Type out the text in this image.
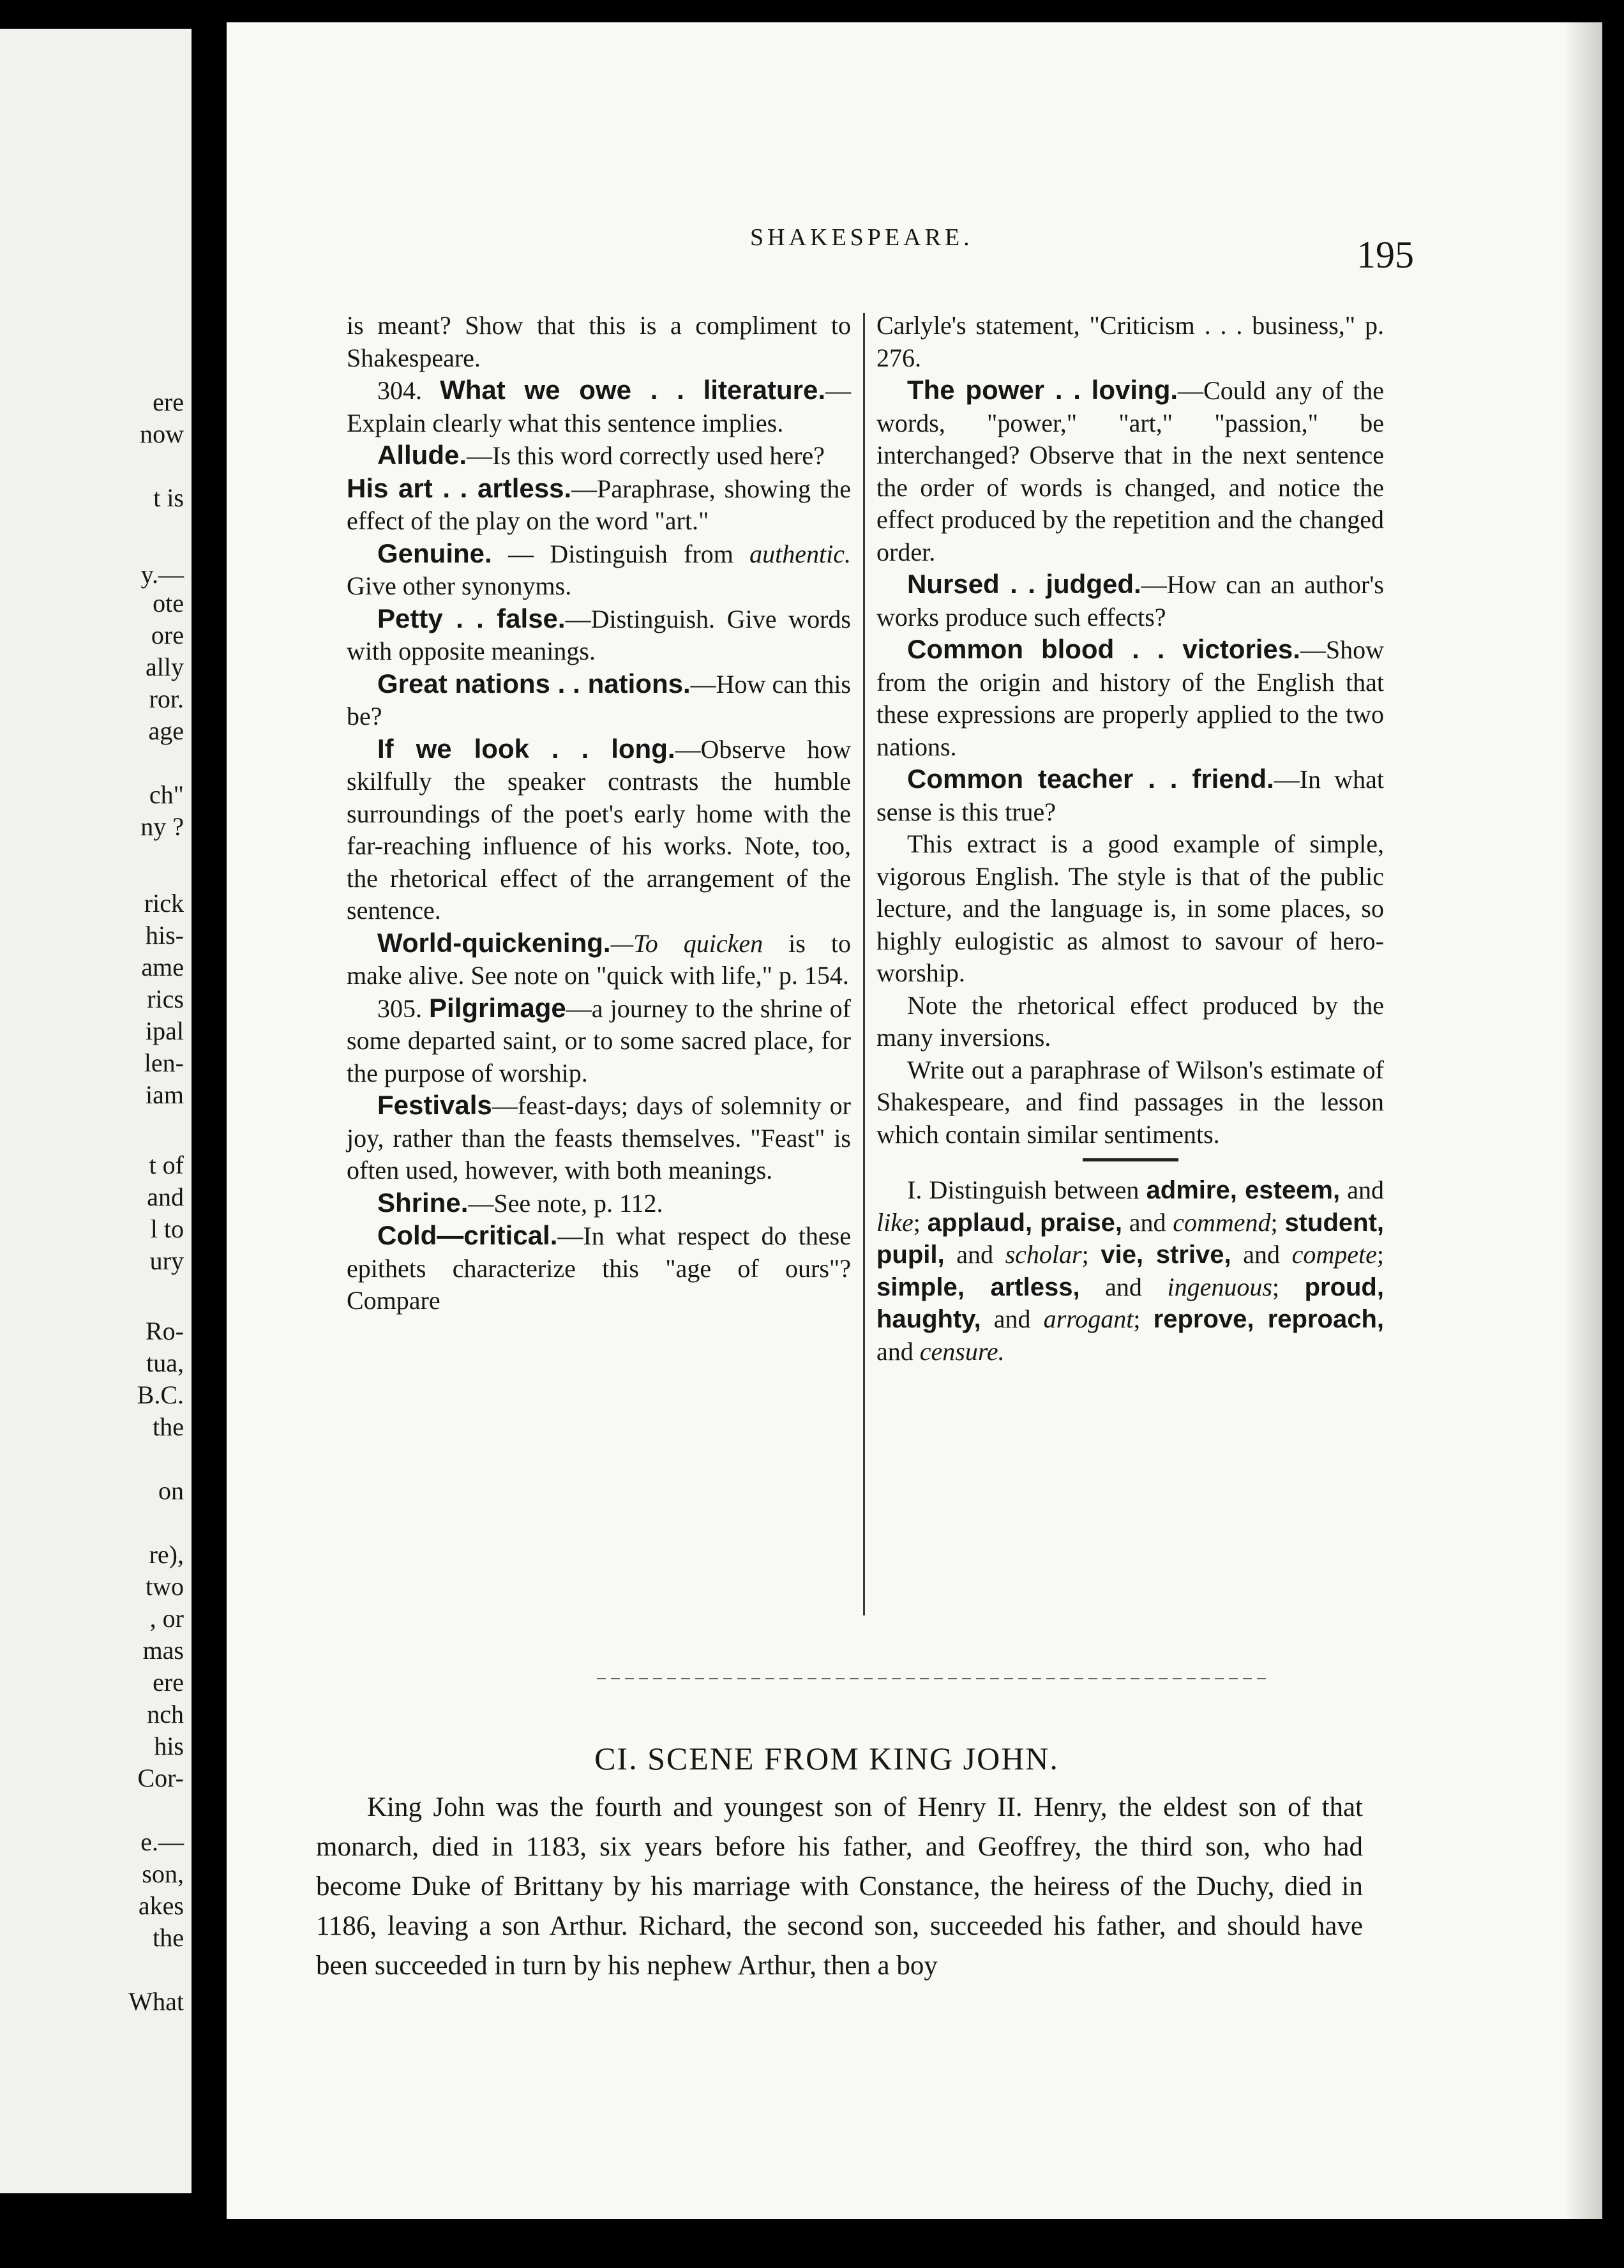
ere
now
t is
y.—
ote
ore
ally
ror.
age
ch"
ny ?
rick
his-
ame
rics
ipal
len-
iam
t of
and
l to
ury
Ro-
tua,
B.C.
the
on
re),
two
, or
mas
ere
nch
his
Cor-
e.—
son,
akes
the
What
SHAKESPEARE.	195

is meant? Show that this is a compliment to Shakespeare.

304. What we owe . . literature.—Explain clearly what this sentence implies.

Allude.—Is this word correctly used here?

His art . . artless.—Paraphrase, showing the effect of the play on the word "art."

Genuine. — Distinguish from authentic. Give other synonyms.

Petty . . false.—Distinguish. Give words with opposite meanings.

Great nations . . nations.—How can this be?

If we look . . long.—Observe how skilfully the speaker contrasts the humble surroundings of the poet's early home with the far-reaching influence of his works. Note, too, the rhetorical effect of the arrangement of the sentence.

World-quickening.—To quicken is to make alive. See note on "quick with life," p. 154.

305. Pilgrimage—a journey to the shrine of some departed saint, or to some sacred place, for the purpose of worship.

Festivals—feast-days; days of solemnity or joy, rather than the feasts themselves. "Feast" is often used, however, with both meanings.

Shrine.—See note, p. 112.

Cold—critical.—In what respect do these epithets characterize this "age of ours"? Compare

Carlyle's statement, "Criticism . . . business," p. 276.

The power . . loving.—Could any of the words, "power," "art," "passion," be interchanged? Observe that in the next sentence the order of words is changed, and notice the effect produced by the repetition and the changed order.

Nursed . . judged.—How can an author's works produce such effects?

Common blood . . victories.—Show from the origin and history of the English that these expressions are properly applied to the two nations.

Common teacher . . friend.—In what sense is this true?

This extract is a good example of simple, vigorous English. The style is that of the public lecture, and the language is, in some places, so highly eulogistic as almost to savour of hero-worship.

Note the rhetorical effect produced by the many inversions.

Write out a paraphrase of Wilson's estimate of Shakespeare, and find passages in the lesson which contain similar sentiments.

I. Distinguish between admire, esteem, and like; applaud, praise, and commend; student, pupil, and scholar; vie, strive, and compete; simple, artless, and ingenuous; proud, haughty, and arrogant; reprove, reproach, and censure.

CI. SCENE FROM KING JOHN.

King John was the fourth and youngest son of Henry II. Henry, the eldest son of that monarch, died in 1183, six years before his father, and Geoffrey, the third son, who had become Duke of Brittany by his marriage with Constance, the heiress of the Duchy, died in 1186, leaving a son Arthur. Richard, the second son, succeeded his father, and should have been succeeded in turn by his nephew Arthur, then a boy
